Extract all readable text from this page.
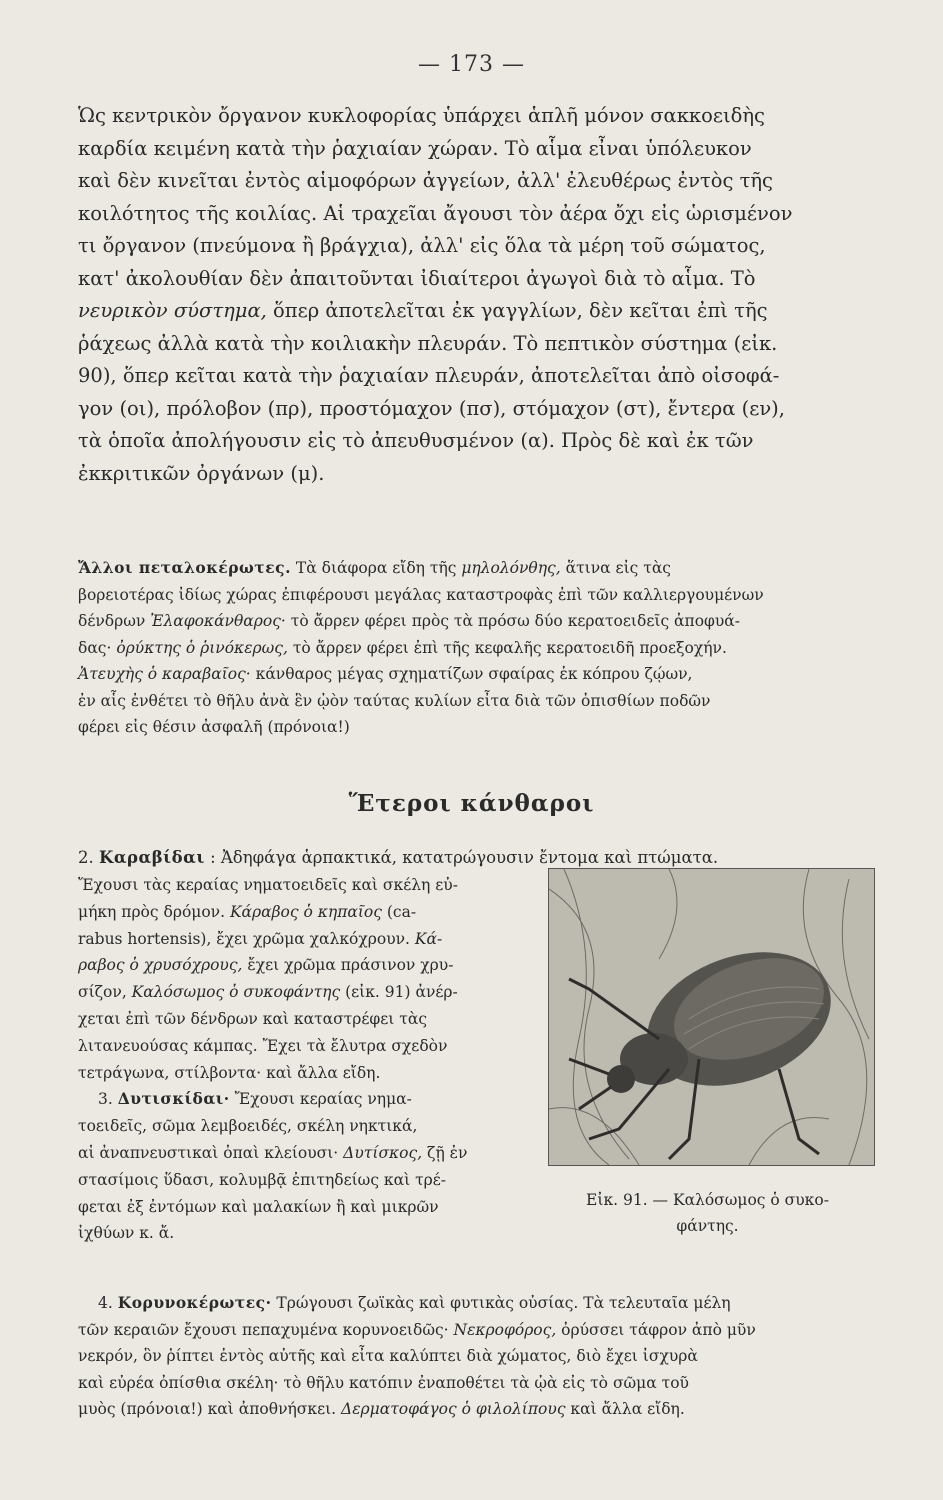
— 173 —

Ὡς κεντρικὸν ὄργανον κυκλοφορίας ὑπάρχει ἁπλῆ μόνον σακκοειδὴς

καρδία κειμένη κατὰ τὴν ῥαχιαίαν χώραν. Τὸ αἷμα εἶναι ὑπόλευκον

καὶ δὲν κινεῖται ἐντὸς αἱμοφόρων ἀγγείων, ἀλλ' ἐλευθέρως ἐντὸς τῆς

κοιλότητος τῆς κοιλίας. Αἱ τραχεῖαι ἄγουσι τὸν ἀέρα ὄχι εἰς ὡρισμένον

τι ὄργανον (πνεύμονα ἢ βράγχια), ἀλλ' εἰς ὅλα τὰ μέρη τοῦ σώματος,

κατ' ἀκολουθίαν δὲν ἀπαιτοῦνται ἰδιαίτεροι ἀγωγοὶ διὰ τὸ αἷμα. Τὸ

νευρικὸν σύστημα, ὅπερ ἀποτελεῖται ἐκ γαγγλίων, δὲν κεῖται ἐπὶ τῆς

ῥάχεως ἀλλὰ κατὰ τὴν κοιλιακὴν πλευράν. Τὸ πεπτικὸν σύστημα (εἰκ.

90), ὅπερ κεῖται κατὰ τὴν ῥαχιαίαν πλευράν, ἀποτελεῖται ἀπὸ οἰσοφά-

γον (οι), πρόλοβον (πρ), προστόμαχον (πσ), στόμαχον (στ), ἔντερα (εν),

τὰ ὁποῖα ἀπολήγουσιν εἰς τὸ ἀπευθυσμένον (α). Πρὸς δὲ καὶ ἐκ τῶν

ἐκκριτικῶν ὀργάνων (μ).

Ἄλλοι πεταλοκέρωτες. Τὰ διάφορα εἴδη τῆς μηλολόνθης, ἅτινα εἰς τὰς

βορειοτέρας ἰδίως χώρας ἐπιφέρουσι μεγάλας καταστροφὰς ἐπὶ τῶν καλλιεργουμένων

δένδρων Ἐλαφοκάνθαρος· τὸ ἄρρεν φέρει πρὸς τὰ πρόσω δύο κερατοειδεῖς ἀποφυά-

δας· ὀρύκτης ὁ ῥινόκερως, τὸ ἄρρεν φέρει ἐπὶ τῆς κεφαλῆς κερατοειδῆ προεξοχήν.

Ἀτευχὴς ὁ καραβαῖος· κάνθαρος μέγας σχηματίζων σφαίρας ἐκ κόπρου ζῴων,

ἐν αἷς ἐνθέτει τὸ θῆλυ ἀνὰ ἓν ᾠὸν ταύτας κυλίων εἶτα διὰ τῶν ὀπισθίων ποδῶν

φέρει εἰς θέσιν ἀσφαλῆ (πρόνοια!)

Ἕτεροι κάνθαροι
2. Καραβίδαι : Ἀδηφάγα ἁρπακτικά, κατατρώγουσιν ἔντομα καὶ πτώματα.

Ἔχουσι τὰς κεραίας νηματοειδεῖς καὶ σκέλη εὐ-

μήκη πρὸς δρόμον. Κάραβος ὁ κηπαῖος (ca-

rabus hortensis), ἔχει χρῶμα χαλκόχρουν. Κά-

ραβος ὁ χρυσόχρους, ἔχει χρῶμα πράσινον χρυ-

σίζον, Καλόσωμος ὁ συκοφάντης (εἰκ. 91) ἀνέρ-

χεται ἐπὶ τῶν δένδρων καὶ καταστρέφει τὰς

λιτανευούσας κάμπας. Ἔχει τὰ ἔλυτρα σχεδὸν

τετράγωνα, στίλβοντα· καὶ ἄλλα εἴδη.

3. Δυτισκίδαι· Ἔχουσι κεραίας νημα-

τοειδεῖς, σῶμα λεμβοειδές, σκέλη νηκτικά,

αἱ ἀναπνευστικαὶ ὀπαὶ κλείουσι· Δυτίσκος, ζῇ ἐν

στασίμοις ὕδασι, κολυμβᾷ ἐπιτηδείως καὶ τρέ-

φεται ἐξ ἐντόμων καὶ μαλακίων ἢ καὶ μικρῶν

ἰχθύων κ. ἄ.

Εἰκ. 91. — Καλόσωμος ὁ συκο-
φάντης.

4. Κορυνοκέρωτες· Τρώγουσι ζωϊκὰς καὶ φυτικὰς οὐσίας. Τὰ τελευταῖα μέλη

τῶν κεραιῶν ἔχουσι πεπαχυμένα κορυνοειδῶς· Νεκροφόρος, ὀρύσσει τάφρον ἀπὸ μῦν

νεκρόν, ὃν ῥίπτει ἐντὸς αὐτῆς καὶ εἶτα καλύπτει διὰ χώματος, διὸ ἔχει ἰσχυρὰ

καὶ εὐρέα ὀπίσθια σκέλη· τὸ θῆλυ κατόπιν ἐναποθέτει τὰ ᾠὰ εἰς τὸ σῶμα τοῦ

μυὸς (πρόνοια!) καὶ ἀποθνήσκει. Δερματοφάγος ὁ φιλολίπους καὶ ἄλλα εἴδη.
